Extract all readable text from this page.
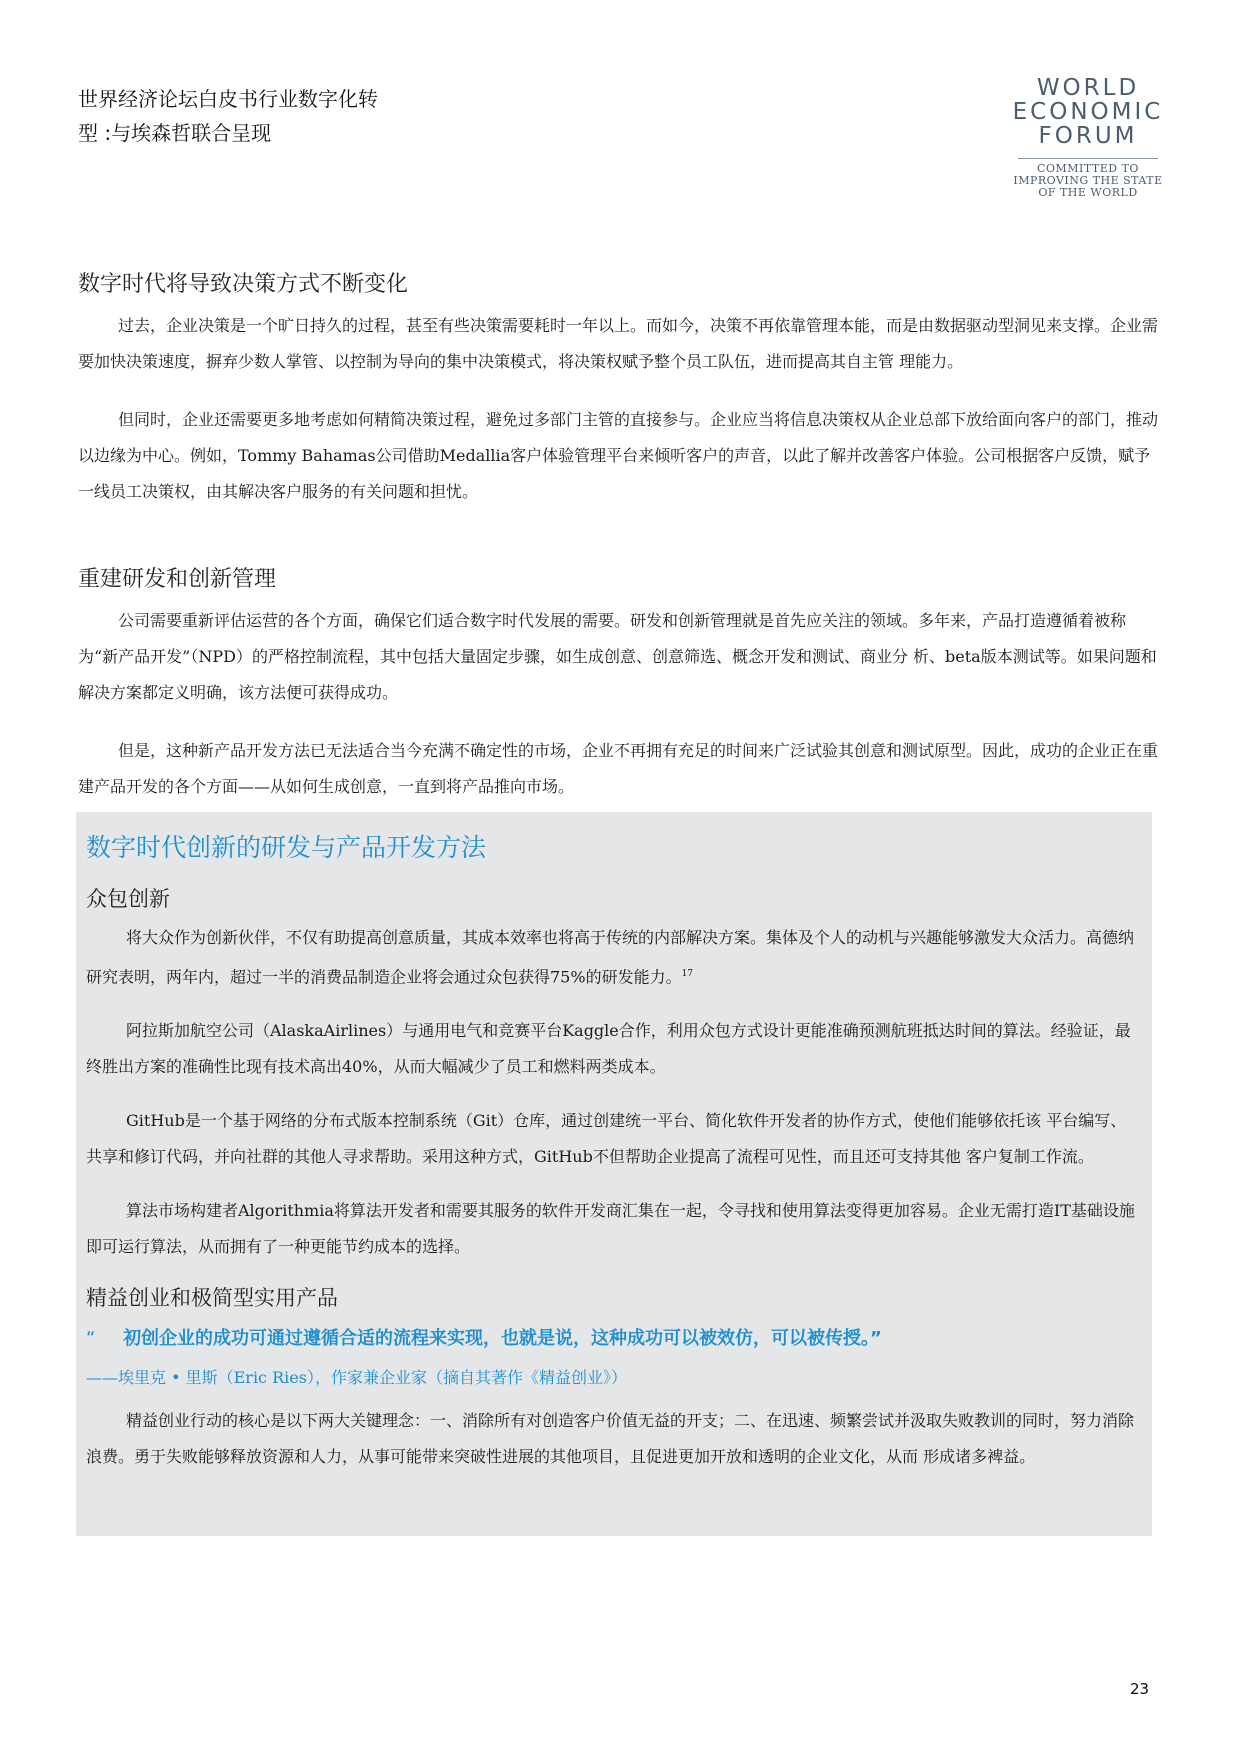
世界经济论坛白皮书行业数字化转
型 :与埃森哲联合呈现
WORLD
ECONOMIC
FORUM
COMMITTED TO
IMPROVING THE STATE
OF THE WORLD
数字时代将导致决策方式不断变化

过去，企业决策是一个旷日持久的过程，甚至有些决策需要耗时一年以上。而如今，决策不再依靠管理本能，而是由数据驱动型洞见来支撑。企业需要加快决策速度，摒弃少数人掌管、以控制为导向的集中决策模式，将决策权赋予整个员工队伍，进而提高其自主管 理能力。

但同时，企业还需要更多地考虑如何精简决策过程，避免过多部门主管的直接参与。企业应当将信息决策权从企业总部下放给面向客户的部门，推动以边缘为中心。例如，Tommy Bahamas公司借助Medallia客户体验管理平台来倾听客户的声音，以此了解并改善客户体验。公司根据客户反馈，赋予一线员工决策权，由其解决客户服务的有关问题和担忧。

重建研发和创新管理

公司需要重新评估运营的各个方面，确保它们适合数字时代发展的需要。研发和创新管理就是首先应关注的领域。多年来，产品打造遵循着被称为“新产品开发”（NPD）的严格控制流程，其中包括大量固定步骤，如生成创意、创意筛选、概念开发和测试、商业分 析、beta版本测试等。如果问题和解决方案都定义明确，该方法便可获得成功。

但是，这种新产品开发方法已无法适合当今充满不确定性的市场，企业不再拥有充足的时间来广泛试验其创意和测试原型。因此，成功的企业正在重建产品开发的各个方面——从如何生成创意，一直到将产品推向市场。

数字时代创新的研发与产品开发方法
众包创新

将大众作为创新伙伴，不仅有助提高创意质量，其成本效率也将高于传统的内部解决方案。集体及个人的动机与兴趣能够激发大众活力。高德纳研究表明，两年内，超过一半的消费品制造企业将会通过众包获得75%的研发能力。$^{17}$

阿拉斯加航空公司（AlaskaAirlines）与通用电气和竞赛平台Kaggle合作，利用众包方式设计更能准确预测航班抵达时间的算法。经验证，最终胜出方案的准确性比现有技术高出40%，从而大幅减少了员工和燃料两类成本。

GitHub是一个基于网络的分布式版本控制系统（Git）仓库，通过创建统一平台、简化软件开发者的协作方式，使他们能够依托该 平台编写、共享和修订代码，并向社群的其他人寻求帮助。采用这种方式，GitHub不但帮助企业提高了流程可见性，而且还可支持其他 客户复制工作流。

算法市场构建者Algorithmia将算法开发者和需要其服务的软件开发商汇集在一起，令寻找和使用算法变得更加容易。企业无需打造IT基础设施即可运行算法，从而拥有了一种更能节约成本的选择。

精益创业和极简型实用产品
“ 初创企业的成功可通过遵循合适的流程来实现，也就是说，这种成功可以被效仿，可以被传授。”
——埃里克 • 里斯（Eric Ries），作家兼企业家（摘自其著作《精益创业》）

精益创业行动的核心是以下两大关键理念：一、消除所有对创造客户价值无益的开支；二、在迅速、频繁尝试并汲取失败教训的同时，努力消除浪费。勇于失败能够释放资源和人力，从事可能带来突破性进展的其他项目，且促进更加开放和透明的企业文化，从而 形成诸多裨益。

23
